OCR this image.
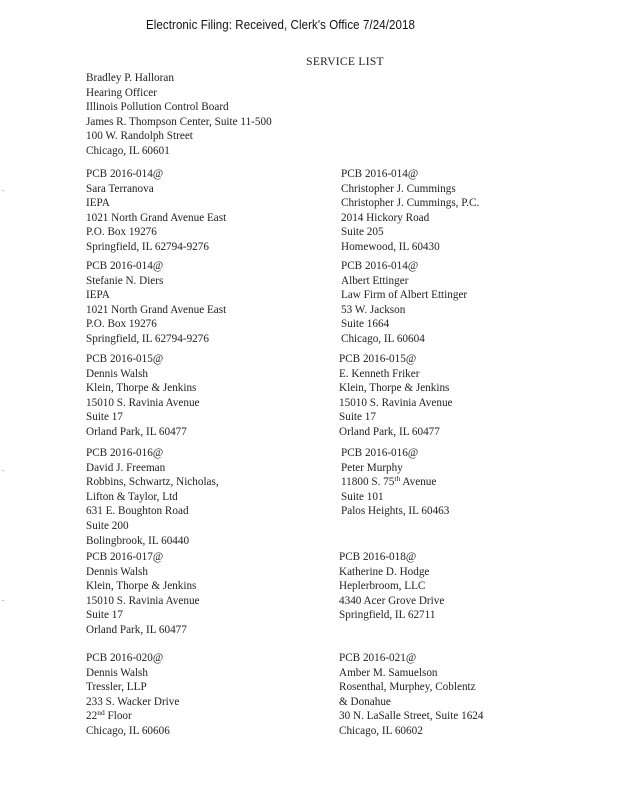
Electronic Filing: Received, Clerk's Office 7/24/2018
SERVICE LIST
Bradley P. Halloran
Hearing Officer
Illinois Pollution Control Board
James R. Thompson Center, Suite 11-500
100 W. Randolph Street
Chicago, IL 60601
PCB 2016-014@
Sara Terranova
IEPA
1021 North Grand Avenue East
P.O. Box 19276
Springfield, IL 62794-9276
PCB 2016-014@
Christopher J. Cummings
Christopher J. Cummings, P.C.
2014 Hickory Road
Suite 205
Homewood, IL 60430
PCB 2016-014@
Stefanie N. Diers
IEPA
1021 North Grand Avenue East
P.O. Box 19276
Springfield, IL 62794-9276
PCB 2016-014@
Albert Ettinger
Law Firm of Albert Ettinger
53 W. Jackson
Suite 1664
Chicago, IL 60604
PCB 2016-015@
Dennis Walsh
Klein, Thorpe & Jenkins
15010 S. Ravinia Avenue
Suite 17
Orland Park, IL 60477
PCB 2016-015@
E. Kenneth Friker
Klein, Thorpe & Jenkins
15010 S. Ravinia Avenue
Suite 17
Orland Park, IL 60477
PCB 2016-016@
David J. Freeman
Robbins, Schwartz, Nicholas,
Lifton & Taylor, Ltd
631 E. Boughton Road
Suite 200
Bolingbrook, IL 60440
PCB 2016-016@
Peter Murphy
11800 S. 75th Avenue
Suite 101
Palos Heights, IL 60463
PCB 2016-017@
Dennis Walsh
Klein, Thorpe & Jenkins
15010 S. Ravinia Avenue
Suite 17
Orland Park, IL 60477
PCB 2016-018@
Katherine D. Hodge
Heplerbroom, LLC
4340 Acer Grove Drive
Springfield, IL 62711
PCB 2016-020@
Dennis Walsh
Tressler, LLP
233 S. Wacker Drive
22nd Floor
Chicago, IL 60606
PCB 2016-021@
Amber M. Samuelson
Rosenthal, Murphey, Coblentz
& Donahue
30 N. LaSalle Street, Suite 1624
Chicago, IL 60602
